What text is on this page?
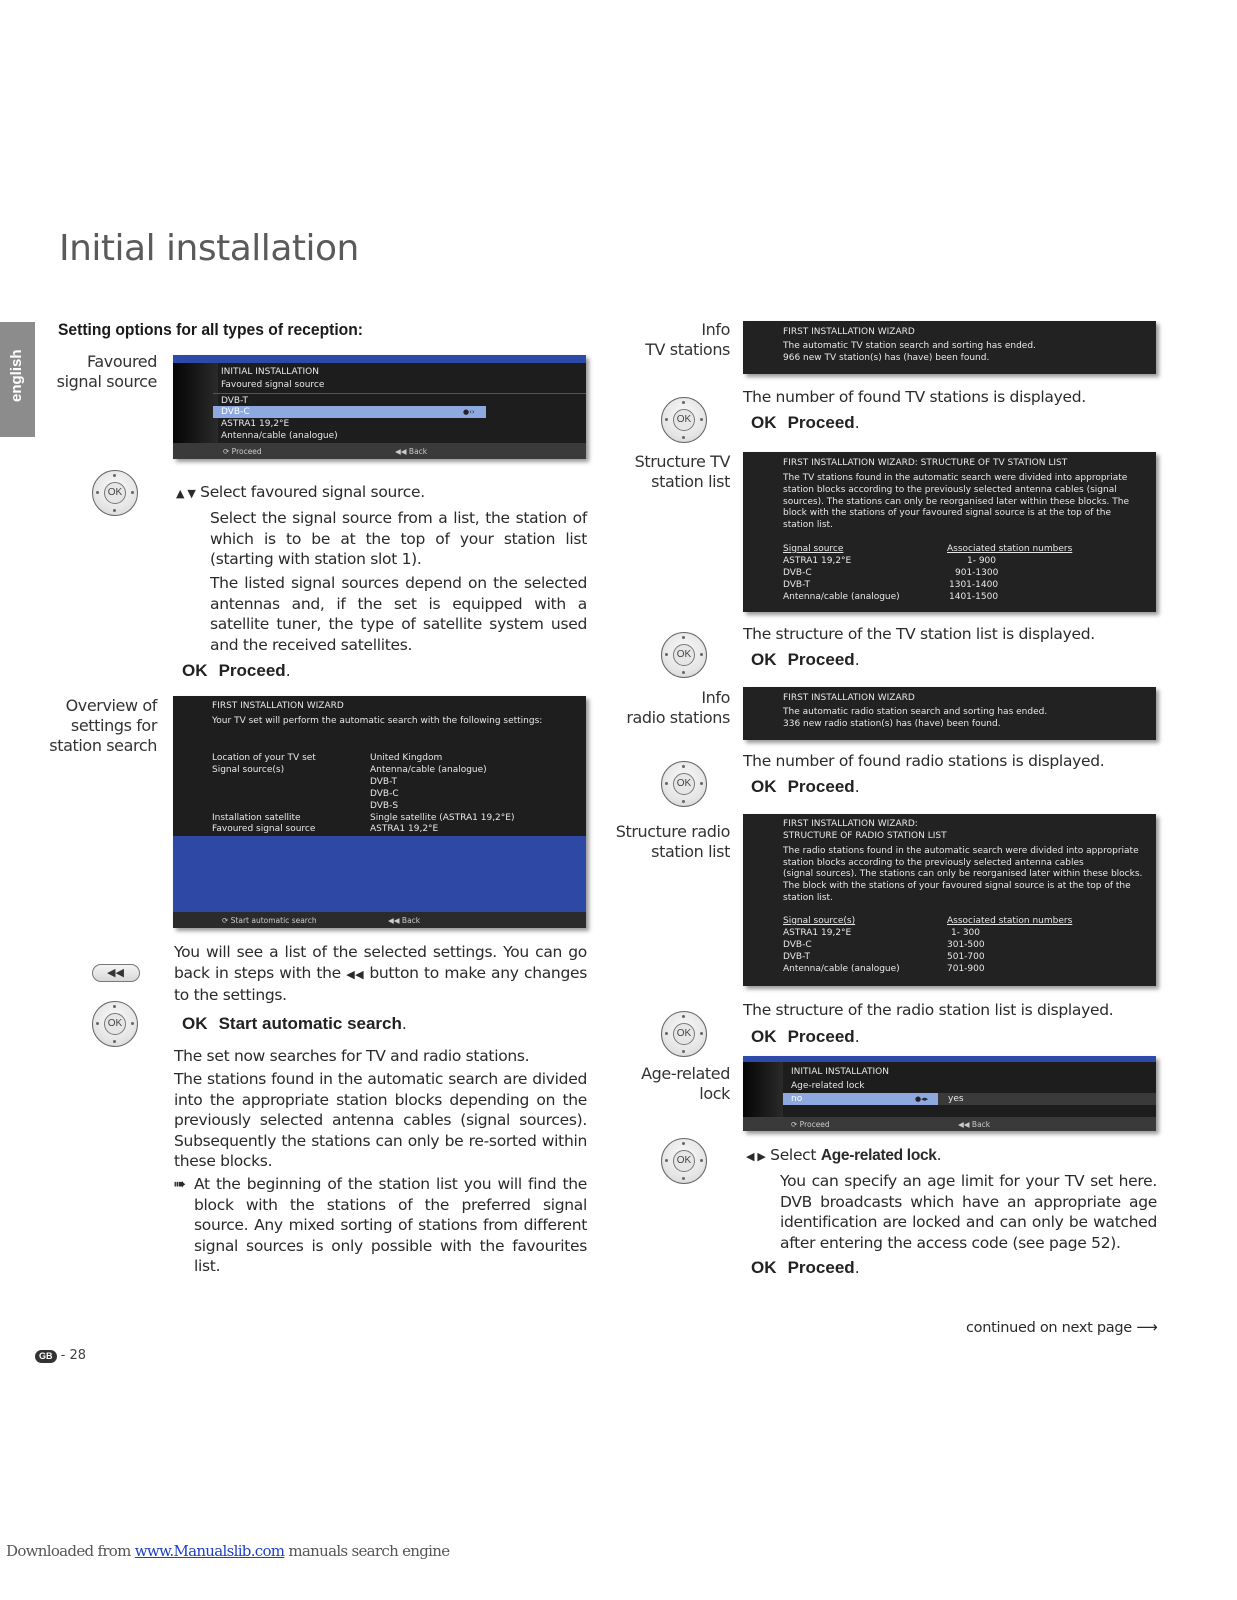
Initial installation
english
Setting options for all types of reception:
Favoured
signal source	INITIAL INSTALLATION
Favoured signal source
DVB-T
DVB-C	●‹›
ASTRA1 19,2°E
Antenna/cable (analogue)
⟳ Proceed	◀◀ Back
OK	▲ ▼ Select favoured signal source.
Select the signal source from a list, the station of which is to be at the top of your station list (starting with station slot 1).
The listed signal sources depend on the selected antennas and, if the set is equipped with a satellite tuner, the type of satellite system used and the received satellites.
OK Proceed.
Overview of
settings for
station search
FIRST INSTALLATION WIZARD
Your TV set will perform the automatic search with the following settings:
Location of your TV set	United Kingdom
Signal source(s)	Antenna/cable (analogue)
DVB-T
DVB-C
DVB-S
Installation satellite	Single satellite (ASTRA1 19,2°E)
Favoured signal source	ASTRA1 19,2°E
⟳ Start automatic search	◀◀ Back
◀◀
You will see a list of the selected settings. You can go back in steps with the ◀◀ button to make any changes to the settings.
OK	OK Start automatic search.
The set now searches for TV and radio stations.
The stations found in the automatic search are divided into the appropriate station blocks depending on the previously selected antenna cables (signal sources). Subsequently the stations can only be re-sorted within these blocks.
➠ At the beginning of the station list you will find the block with the stations of the preferred signal source. Any mixed sorting of stations from different signal sources is only possible with the favourites list.
Info
TV stations
FIRST INSTALLATION WIZARD
The automatic TV station search and sorting has ended.
966 new TV station(s) has (have) been found.
The number of found TV stations is displayed.
OK	OK Proceed.
Structure TV
station list
FIRST INSTALLATION WIZARD: STRUCTURE OF TV STATION LIST
The TV stations found in the automatic search were divided into appropriate
station blocks according to the previously selected antenna cables (signal
sources). The stations can only be reorganised later within these blocks. The
block with the stations of your favoured signal source is at the top of the
station list.
Signal source	Associated station numbers
ASTRA1 19,2°E	1- 900
DVB-C	901-1300
DVB-T	1301-1400
Antenna/cable (analogue)	1401-1500
The structure of the TV station list is displayed.
OK	OK Proceed.
Info
radio stations
FIRST INSTALLATION WIZARD
The automatic radio station search and sorting has ended.
336 new radio station(s) has (have) been found.
The number of found radio stations is displayed.
OK	OK Proceed.
Structure radio
station list
FIRST INSTALLATION WIZARD:
STRUCTURE OF RADIO STATION LIST
The radio stations found in the automatic search were divided into appropriate
station blocks according to the previously selected antenna cables
(signal sources). The stations can only be reorganised later within these blocks.
The block with the stations of your favoured signal source is at the top of the
station list.
Signal source(s)	Associated station numbers
ASTRA1 19,2°E	1- 300
DVB-C	301-500
DVB-T	501-700
Antenna/cable (analogue)	701-900
The structure of the radio station list is displayed.
OK	OK Proceed.
Age-related
lock
INITIAL INSTALLATION
Age-related lock
no	●◂▸ yes
⟳ Proceed	◀◀ Back
OK	◀ ▶ Select Age-related lock.
You can specify an age limit for your TV set here. DVB broadcasts which have an appropriate age identification are locked and can only be watched after entering the access code (see page 52).
OK Proceed.
continued on next page ⟶
GB - 28
Downloaded from www.Manualslib.com manuals search engine
